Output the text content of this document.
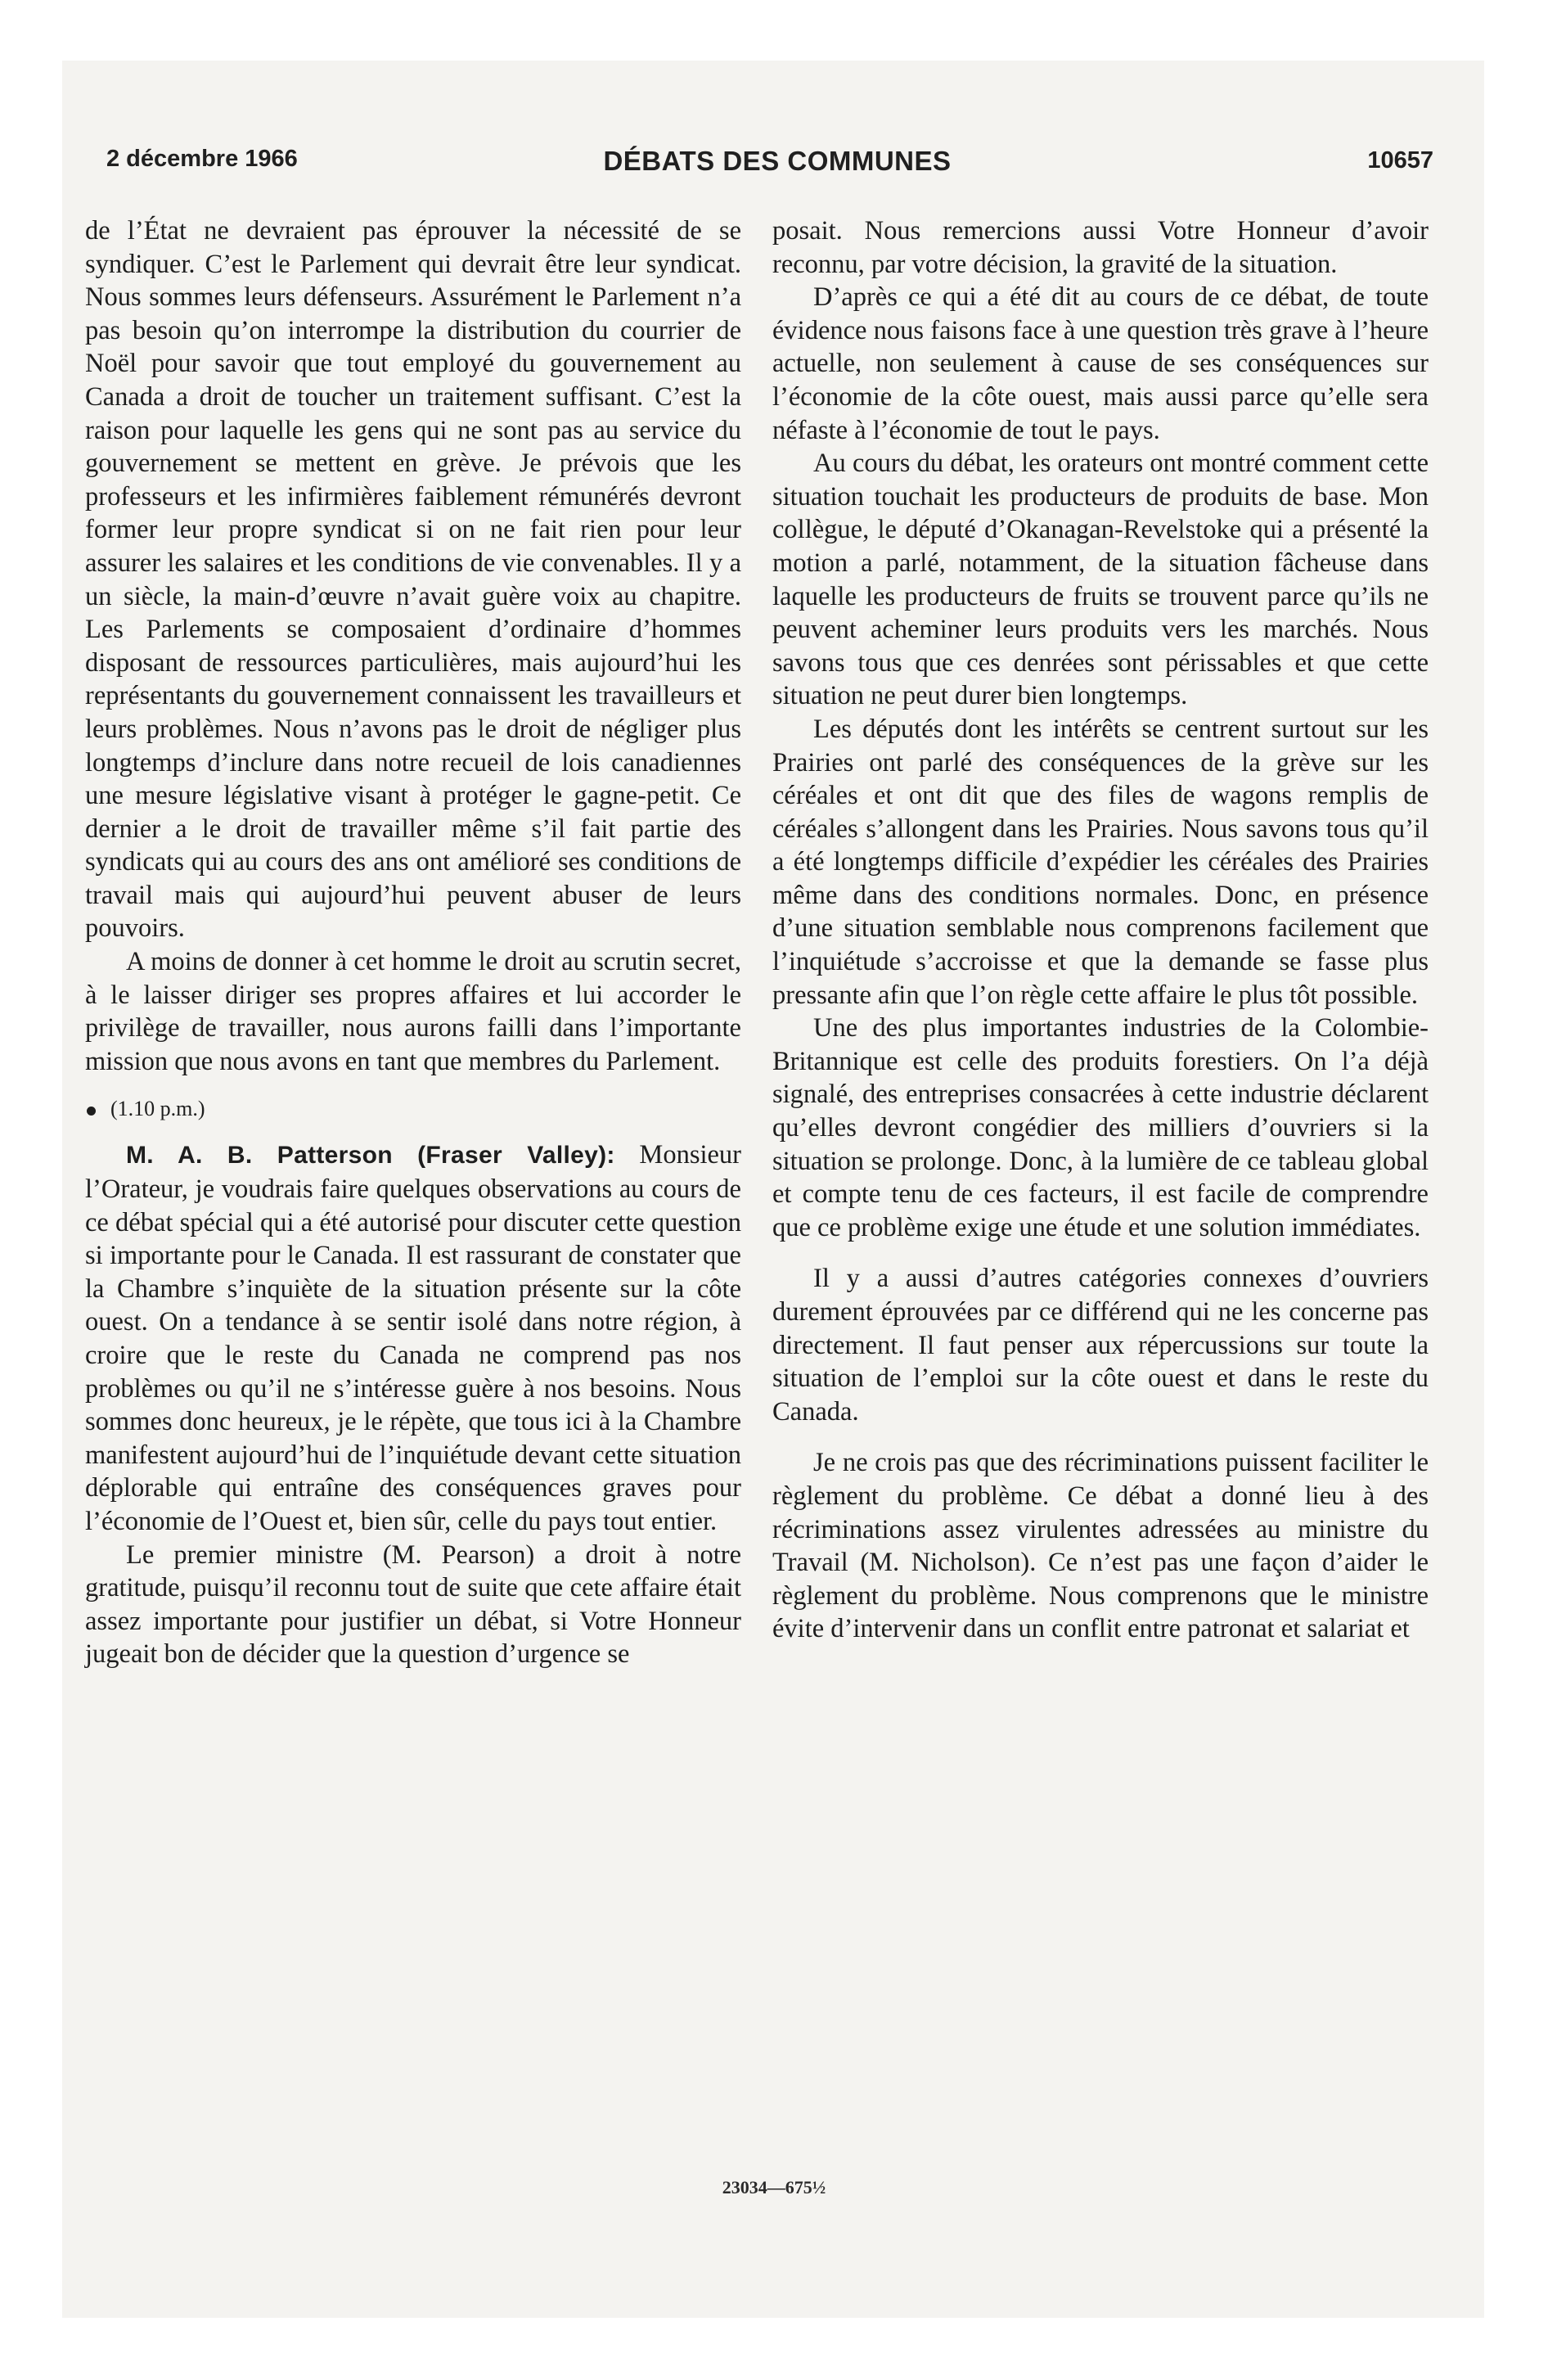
2 décembre 1966	DÉBATS DES COMMUNES	10657

de l’État ne devraient pas éprouver la nécessité de se syndiquer. C’est le Parlement qui devrait être leur syndicat. Nous sommes leurs défenseurs. Assurément le Parlement n’a pas besoin qu’on interrompe la distribution du courrier de Noël pour savoir que tout employé du gouvernement au Canada a droit de toucher un traitement suffisant. C’est la raison pour laquelle les gens qui ne sont pas au service du gouvernement se mettent en grève. Je prévois que les professeurs et les infirmières faiblement rémunérés devront former leur propre syndicat si on ne fait rien pour leur assurer les salaires et les conditions de vie convenables. Il y a un siècle, la main-d’œuvre n’avait guère voix au chapitre. Les Parlements se composaient d’ordinaire d’hommes disposant de ressources particulières, mais aujourd’hui les représentants du gouvernement connaissent les travailleurs et leurs problèmes. Nous n’avons pas le droit de négliger plus longtemps d’inclure dans notre recueil de lois canadiennes une mesure législative visant à protéger le gagne-petit. Ce dernier a le droit de travailler même s’il fait partie des syndicats qui au cours des ans ont amélioré ses conditions de travail mais qui aujourd’hui peuvent abuser de leurs pouvoirs.

A moins de donner à cet homme le droit au scrutin secret, à le laisser diriger ses propres affaires et lui accorder le privilège de travailler, nous aurons failli dans l’importante mission que nous avons en tant que membres du Parlement.

(1.10 p.m.)

M. A. B. Patterson (Fraser Valley): Monsieur l’Orateur, je voudrais faire quelques observations au cours de ce débat spécial qui a été autorisé pour discuter cette question si importante pour le Canada. Il est rassurant de constater que la Chambre s’inquiète de la situation présente sur la côte ouest. On a tendance à se sentir isolé dans notre région, à croire que le reste du Canada ne comprend pas nos problèmes ou qu’il ne s’intéresse guère à nos besoins. Nous sommes donc heureux, je le répète, que tous ici à la Chambre manifestent aujourd’hui de l’inquiétude devant cette situation déplorable qui entraîne des conséquences graves pour l’économie de l’Ouest et, bien sûr, celle du pays tout entier.

Le premier ministre (M. Pearson) a droit à notre gratitude, puisqu’il reconnu tout de suite que cete affaire était assez importante pour justifier un débat, si Votre Honneur jugeait bon de décider que la question d’urgence se

posait. Nous remercions aussi Votre Honneur d’avoir reconnu, par votre décision, la gravité de la situation.

D’après ce qui a été dit au cours de ce débat, de toute évidence nous faisons face à une question très grave à l’heure actuelle, non seulement à cause de ses conséquences sur l’économie de la côte ouest, mais aussi parce qu’elle sera néfaste à l’économie de tout le pays.

Au cours du débat, les orateurs ont montré comment cette situation touchait les producteurs de produits de base. Mon collègue, le député d’Okanagan-Revelstoke qui a présenté la motion a parlé, notamment, de la situation fâcheuse dans laquelle les producteurs de fruits se trouvent parce qu’ils ne peuvent acheminer leurs produits vers les marchés. Nous savons tous que ces denrées sont périssables et que cette situation ne peut durer bien longtemps.

Les députés dont les intérêts se centrent surtout sur les Prairies ont parlé des conséquences de la grève sur les céréales et ont dit que des files de wagons remplis de céréales s’allongent dans les Prairies. Nous savons tous qu’il a été longtemps difficile d’expédier les céréales des Prairies même dans des conditions normales. Donc, en présence d’une situation semblable nous comprenons facilement que l’inquiétude s’accroisse et que la demande se fasse plus pressante afin que l’on règle cette affaire le plus tôt possible.

Une des plus importantes industries de la Colombie-Britannique est celle des produits forestiers. On l’a déjà signalé, des entreprises consacrées à cette industrie déclarent qu’elles devront congédier des milliers d’ouvriers si la situation se prolonge. Donc, à la lumière de ce tableau global et compte tenu de ces facteurs, il est facile de comprendre que ce problème exige une étude et une solution immédiates.

Il y a aussi d’autres catégories connexes d’ouvriers durement éprouvées par ce différend qui ne les concerne pas directement. Il faut penser aux répercussions sur toute la situation de l’emploi sur la côte ouest et dans le reste du Canada.

Je ne crois pas que des récriminations puissent faciliter le règlement du problème. Ce débat a donné lieu à des récriminations assez virulentes adressées au ministre du Travail (M. Nicholson). Ce n’est pas une façon d’aider le règlement du problème. Nous comprenons que le ministre évite d’intervenir dans un conflit entre patronat et salariat et

23034—675½
